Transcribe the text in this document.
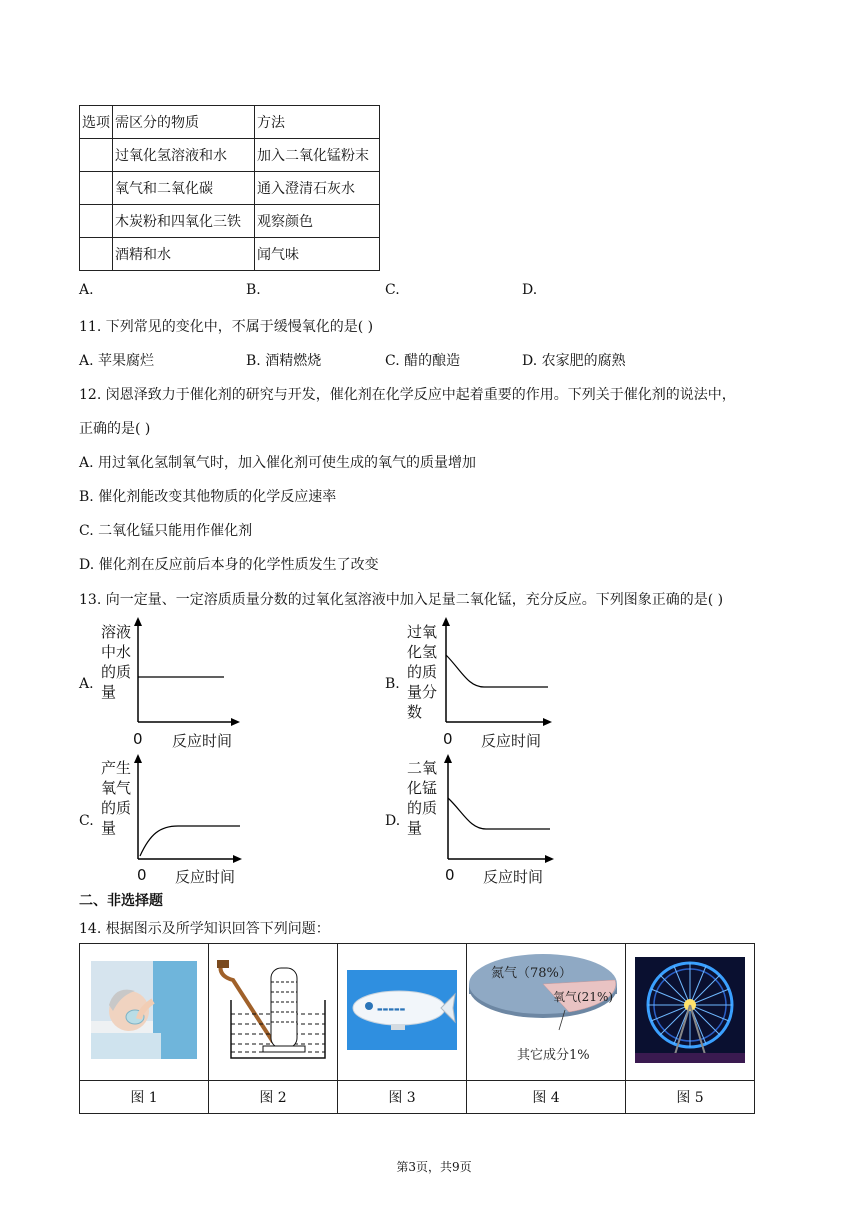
选项	需区分的物质	方法
	过氧化氢溶液和水	加入二氧化锰粉末
	氧气和二氧化碳	通入澄清石灰水
	木炭粉和四氧化三铁	观察颜色
	酒精和水	闻气味
A.	B.	C.	D.
11. 下列常见的变化中，不属于缓慢氧化的是( )
A. 苹果腐烂	B. 酒精燃烧	C. 醋的酿造	D. 农家肥的腐熟
12. 闵恩泽致力于催化剂的研究与开发，催化剂在化学反应中起着重要的作用。下列关于催化剂的说法中，
正确的是( )
A. 用过氧化氢制氧气时，加入催化剂可使生成的氧气的质量增加
B. 催化剂能改变其他物质的化学反应速率
C. 二氧化锰只能用作催化剂
D. 催化剂在反应前后本身的化学性质发生了改变
13. 向一定量、一定溶质质量分数的过氧化氢溶液中加入足量二氧化锰，充分反应。下列图象正确的是( )
溶液中水的质量
A.
0 反应时间
过氧化氢的质量分数
B.
0 反应时间
产生氧气的质量
C.
0 反应时间
二氧化锰的质量
D.
0 反应时间
二、非选择题
14. 根据图示及所学知识回答下列问题：

▬▬▬▬▬	氮气（78%）
氧气(21%)
其它成分1%

图 1	图 2	图 3	图 4	图 5
第3页，共9页
